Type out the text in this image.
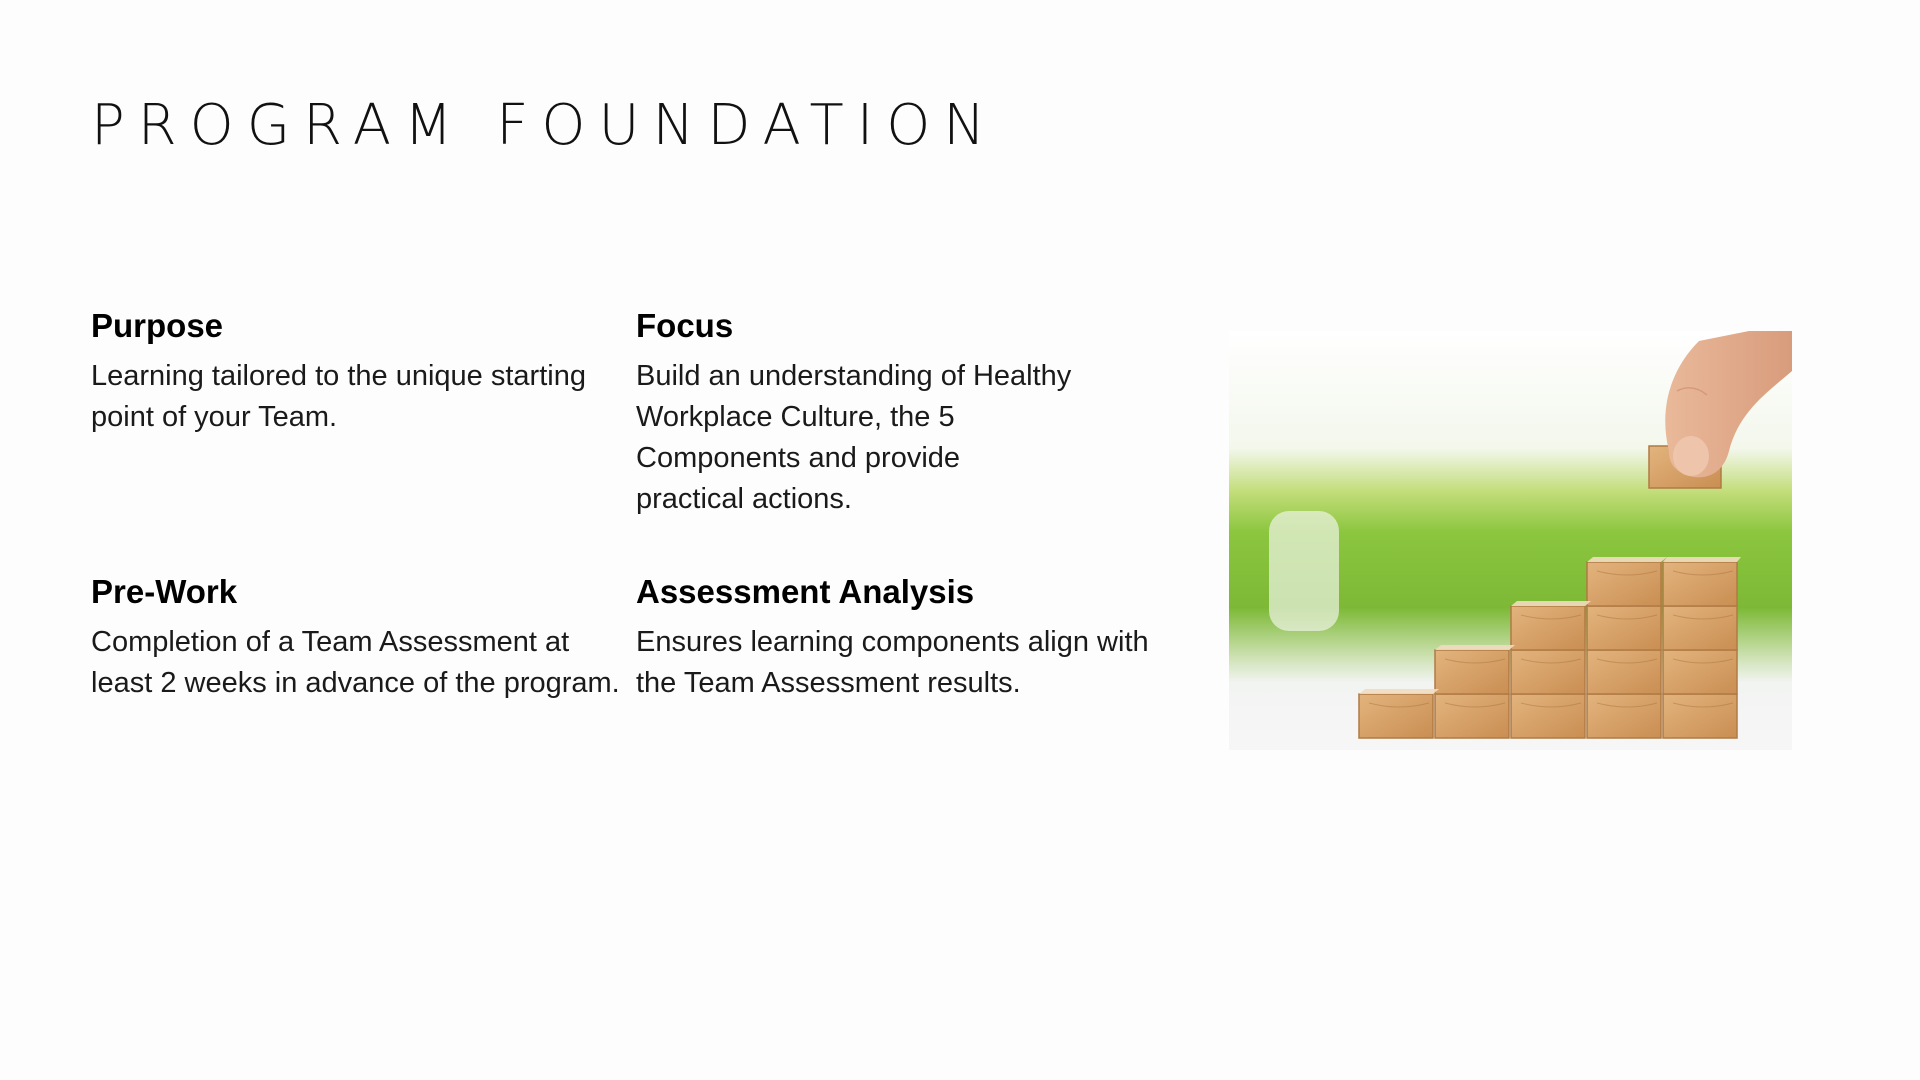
PROGRAM FOUNDATION
Purpose

Learning tailored to the unique starting point of your Team.

Focus

Build an understanding of Healthy Workplace Culture, the 5 Components and provide practical actions.

Pre-Work

Completion of a Team Assessment at least 2 weeks in advance of the program.

Assessment Analysis

Ensures learning components align with the Team Assessment results.
